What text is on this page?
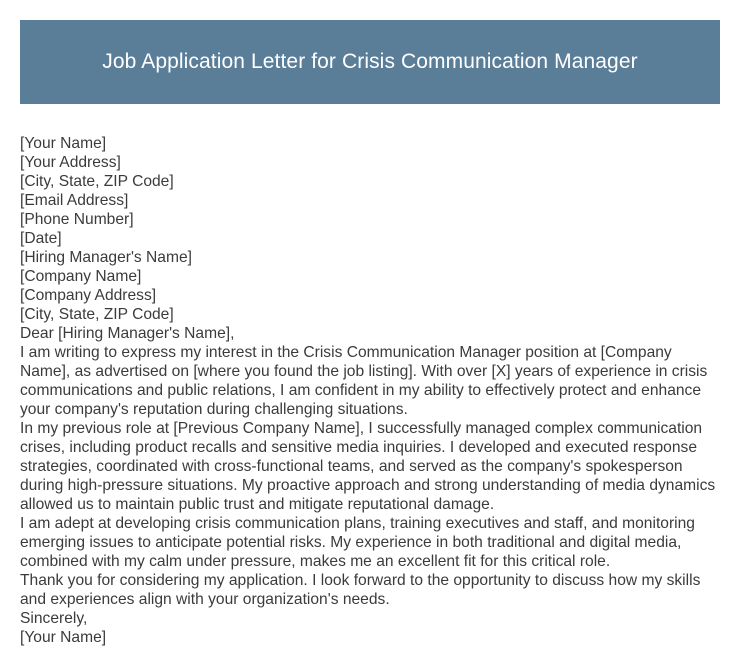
Job Application Letter for Crisis Communication Manager

[Your Name]

[Your Address]

[City, State, ZIP Code]

[Email Address]

[Phone Number]

[Date]

[Hiring Manager's Name]

[Company Name]

[Company Address]

[City, State, ZIP Code]

Dear [Hiring Manager's Name],

I am writing to express my interest in the Crisis Communication Manager position at [Company Name], as advertised on [where you found the job listing]. With over [X] years of experience in crisis communications and public relations, I am confident in my ability to effectively protect and enhance your company's reputation during challenging situations.

In my previous role at [Previous Company Name], I successfully managed complex communication crises, including product recalls and sensitive media inquiries. I developed and executed response strategies, coordinated with cross-functional teams, and served as the company's spokesperson during high-pressure situations. My proactive approach and strong understanding of media dynamics allowed us to maintain public trust and mitigate reputational damage.

I am adept at developing crisis communication plans, training executives and staff, and monitoring emerging issues to anticipate potential risks. My experience in both traditional and digital media, combined with my calm under pressure, makes me an excellent fit for this critical role.

Thank you for considering my application. I look forward to the opportunity to discuss how my skills and experiences align with your organization's needs.

Sincerely,

[Your Name]
